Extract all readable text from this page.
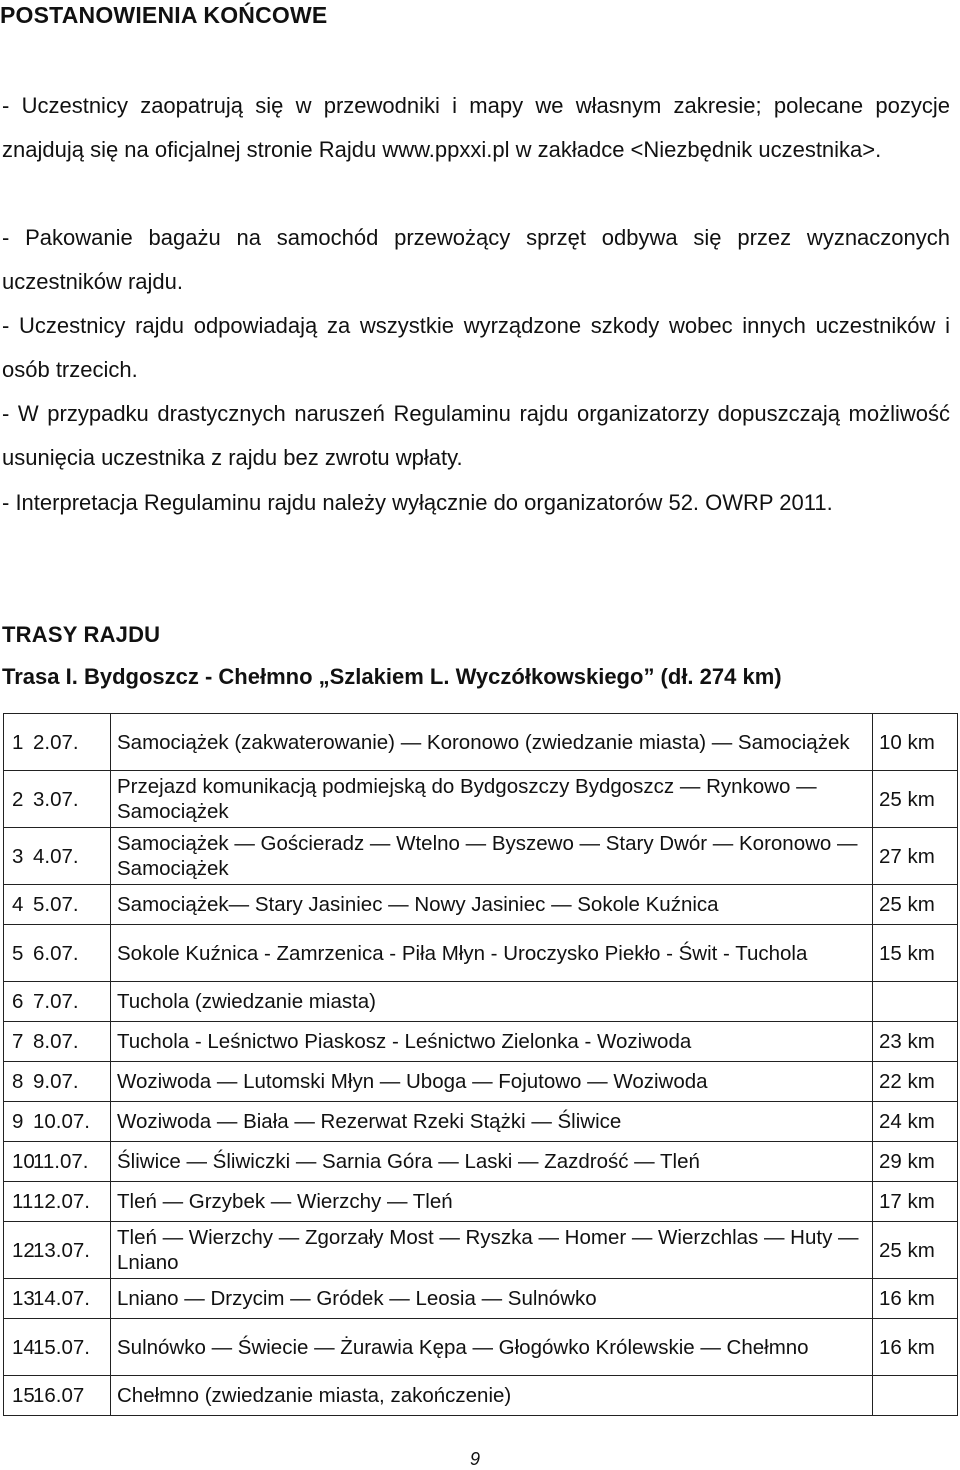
POSTANOWIENIA KOŃCOWE
- Uczestnicy zaopatrują się w przewodniki i mapy we własnym zakresie; polecane pozycje znajdują się na oficjalnej stronie Rajdu www.ppxxi.pl w zakładce <Niezbędnik uczestnika>.
- Pakowanie bagażu na samochód przewożący sprzęt odbywa się przez wyznaczonych uczestników rajdu.
- Uczestnicy rajdu odpowiadają za wszystkie wyrządzone szkody wobec innych uczestników i osób trzecich.
- W przypadku drastycznych naruszeń Regulaminu rajdu organizatorzy dopuszczają możliwość usunięcia uczestnika z rajdu bez zwrotu wpłaty.
- Interpretacja Regulaminu rajdu należy wyłącznie do organizatorów 52. OWRP 2011.
TRASY RAJDU
Trasa I. Bydgoszcz - Chełmno „Szlakiem L. Wyczółkowskiego” (dł. 274 km)
1	2.07.	Samociążek (zakwaterowanie) — Koronowo (zwiedzanie miasta) — Samociążek	10 km
2	3.07.	Przejazd komunikacją podmiejską do Bydgoszczy Bydgoszcz — Rynkowo — Samociążek	25 km
3	4.07.	Samociążek — Gościeradz — Wtelno — Byszewo — Stary Dwór — Koronowo — Samociążek	27 km
4	5.07.	Samociążek— Stary Jasiniec — Nowy Jasiniec — Sokole Kuźnica	25 km
5	6.07.	Sokole Kuźnica - Zamrzenica - Piła Młyn - Uroczysko Piekło - Świt - Tuchola	15 km
6	7.07.	Tuchola (zwiedzanie miasta)	
7	8.07.	Tuchola - Leśnictwo Piaskosz - Leśnictwo Zielonka - Woziwoda	23 km
8	9.07.	Woziwoda — Lutomski Młyn — Uboga — Fojutowo — Woziwoda	22 km
9	10.07.	Woziwoda — Biała — Rezerwat Rzeki Stążki — Śliwice	24 km
10	11.07.	Śliwice — Śliwiczki — Sarnia Góra — Laski — Zazdrość — Tleń	29 km
11	12.07.	Tleń — Grzybek — Wierzchy — Tleń	17 km
12	13.07.	Tleń — Wierzchy — Zgorzały Most — Ryszka — Homer — Wierzchlas — Huty — Lniano	25 km
13	14.07.	Lniano — Drzycim — Gródek — Leosia — Sulnówko	16 km
14	15.07.	Sulnówko — Świecie — Żurawia Kępa — Głogówko Królewskie — Chełmno	16 km
15	16.07	Chełmno (zwiedzanie miasta, zakończenie)	
9
